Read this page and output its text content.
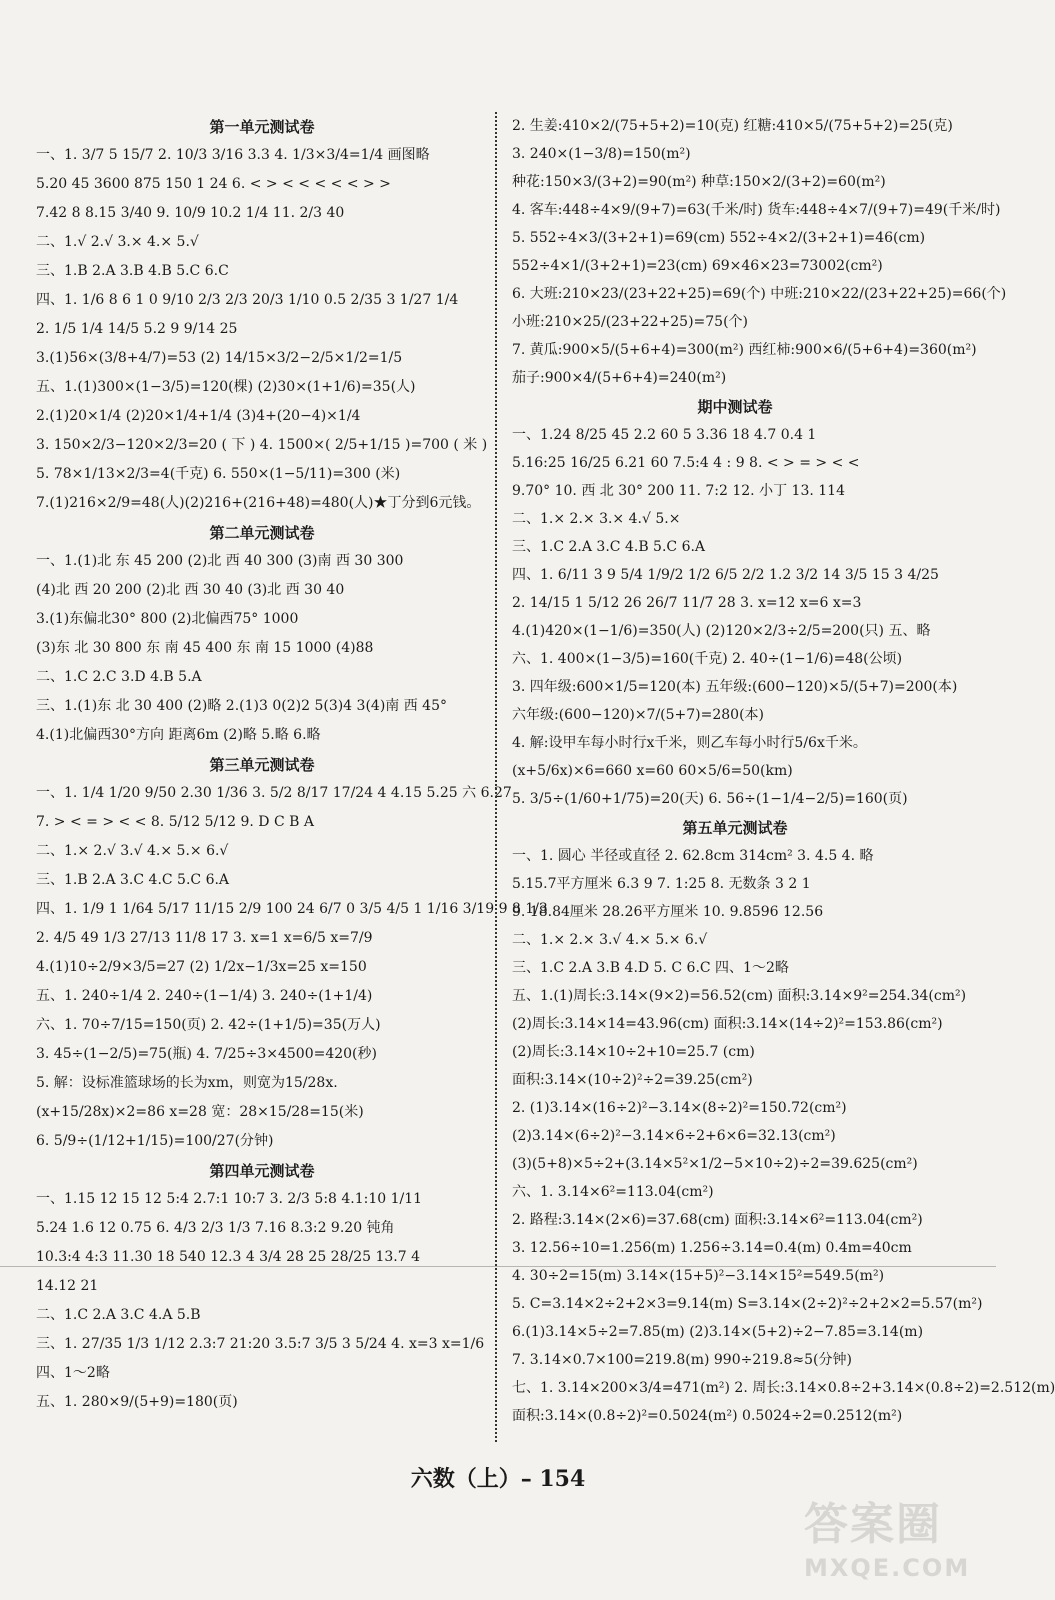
第一单元测试卷
一、1. 3/7 5 15/7 2. 10/3 3/16 3.3 4. 1/3×3/4=1/4 画图略
5.20 45 3600 875 150 1 24 6. < > < < < < < > >
7.42 8 8.15 3/40 9. 10/9 10.2 1/4 11. 2/3 40
二、1.√ 2.√ 3.× 4.× 5.√
三、1.B 2.A 3.B 4.B 5.C 6.C
四、1. 1/6 8 6 1 0 9/10 2/3 2/3 20/3 1/10 0.5 2/35 3 1/27 1/4
2. 1/5 1/4 14/5 5.2 9 9/14 25
3.(1)56×(3/8+4/7)=53 (2) 14/15×3/2−2/5×1/2=1/5
五、1.(1)300×(1−3/5)=120(棵) (2)30×(1+1/6)=35(人)
2.(1)20×1/4 (2)20×1/4+1/4 (3)4+(20−4)×1/4
3. 150×2/3−120×2/3=20 ( 下 ) 4. 1500×( 2/5+1/15 )=700 ( 米 )
5. 78×1/13×2/3=4(千克) 6. 550×(1−5/11)=300 (米)
7.(1)216×2/9=48(人)(2)216+(216+48)=480(人)★丁分到6元钱。
第二单元测试卷
一、1.(1)北 东 45 200 (2)北 西 40 300 (3)南 西 30 300
(4)北 西 20 200 (2)北 西 30 40 (3)北 西 30 40
3.(1)东偏北30° 800 (2)北偏西75° 1000
(3)东 北 30 800 东 南 45 400 东 南 15 1000 (4)88
二、1.C 2.C 3.D 4.B 5.A
三、1.(1)东 北 30 400 (2)略 2.(1)3 0(2)2 5(3)4 3(4)南 西 45°
4.(1)北偏西30°方向 距离6m (2)略 5.略 6.略
第三单元测试卷
一、1. 1/4 1/20 9/50 2.30 1/36 3. 5/2 8/17 17/24 4 4.15 5.25 六 6.27
7. > < = > < < 8. 5/12 5/12 9. D C B A
二、1.× 2.√ 3.√ 4.× 5.× 6.√
三、1.B 2.A 3.C 4.C 5.C 6.A
四、1. 1/9 1 1/64 5/17 11/15 2/9 100 24 6/7 0 3/5 4/5 1 1/16 3/19 9 8 1/3
2. 4/5 49 1/3 27/13 11/8 17 3. x=1 x=6/5 x=7/9
4.(1)10÷2/9×3/5=27 (2) 1/2x−1/3x=25 x=150
五、1. 240÷1/4 2. 240÷(1−1/4) 3. 240÷(1+1/4)
六、1. 70÷7/15=150(页) 2. 42÷(1+1/5)=35(万人)
3. 45÷(1−2/5)=75(瓶) 4. 7/25÷3×4500=420(秒)
5. 解：设标准篮球场的长为xm，则宽为15/28x.
(x+15/28x)×2=86 x=28 宽：28×15/28=15(米)
6. 5/9÷(1/12+1/15)=100/27(分钟)
第四单元测试卷
一、1.15 12 15 12 5:4 2.7:1 10:7 3. 2/3 5:8 4.1:10 1/11
5.24 1.6 12 0.75 6. 4/3 2/3 1/3 7.16 8.3:2 9.20 钝角
10.3:4 4:3 11.30 18 540 12.3 4 3/4 28 25 28/25 13.7 4
14.12 21
二、1.C 2.A 3.C 4.A 5.B
三、1. 27/35 1/3 1/12 2.3:7 21:20 3.5:7 3/5 3 5/24 4. x=3 x=1/6
四、1～2略
五、1. 280×9/(5+9)=180(页)
2. 生姜:410×2/(75+5+2)=10(克) 红糖:410×5/(75+5+2)=25(克)
3. 240×(1−3/8)=150(m²)
种花:150×3/(3+2)=90(m²) 种草:150×2/(3+2)=60(m²)
4. 客车:448÷4×9/(9+7)=63(千米/时) 货车:448÷4×7/(9+7)=49(千米/时)
5. 552÷4×3/(3+2+1)=69(cm) 552÷4×2/(3+2+1)=46(cm)
552÷4×1/(3+2+1)=23(cm) 69×46×23=73002(cm²)
6. 大班:210×23/(23+22+25)=69(个) 中班:210×22/(23+22+25)=66(个)
小班:210×25/(23+22+25)=75(个)
7. 黄瓜:900×5/(5+6+4)=300(m²) 西红柿:900×6/(5+6+4)=360(m²)
茄子:900×4/(5+6+4)=240(m²)
期中测试卷
一、1.24 8/25 45 2.2 60 5 3.36 18 4.7 0.4 1
5.16:25 16/25 6.21 60 7.5:4 4 : 9 8. < > = > < <
9.70° 10. 西 北 30° 200 11. 7:2 12. 小丁 13. 114
二、1.× 2.× 3.× 4.√ 5.×
三、1.C 2.A 3.C 4.B 5.C 6.A
四、1. 6/11 3 9 5/4 1/9/2 1/2 6/5 2/2 1.2 3/2 14 3/5 15 3 4/25
2. 14/15 1 5/12 26 26/7 11/7 28 3. x=12 x=6 x=3
4.(1)420×(1−1/6)=350(人) (2)120×2/3÷2/5=200(只) 五、略
六、1. 400×(1−3/5)=160(千克) 2. 40÷(1−1/6)=48(公顷)
3. 四年级:600×1/5=120(本) 五年级:(600−120)×5/(5+7)=200(本)
六年级:(600−120)×7/(5+7)=280(本)
4. 解:设甲车每小时行x千米，则乙车每小时行5/6x千米。
(x+5/6x)×6=660 x=60 60×5/6=50(km)
5. 3/5÷(1/60+1/75)=20(天) 6. 56÷(1−1/4−2/5)=160(页)
第五单元测试卷
一、1. 圆心 半径或直径 2. 62.8cm 314cm² 3. 4.5 4. 略
5.15.7平方厘米 6.3 9 7. 1:25 8. 无数条 3 2 1
9. 18.84厘米 28.26平方厘米 10. 9.8596 12.56
二、1.× 2.× 3.√ 4.× 5.× 6.√
三、1.C 2.A 3.B 4.D 5. C 6.C 四、1～2略
五、1.(1)周长:3.14×(9×2)=56.52(cm) 面积:3.14×9²=254.34(cm²)
(2)周长:3.14×14=43.96(cm) 面积:3.14×(14÷2)²=153.86(cm²)
(2)周长:3.14×10÷2+10=25.7 (cm)
面积:3.14×(10÷2)²÷2=39.25(cm²)
2. (1)3.14×(16÷2)²−3.14×(8÷2)²=150.72(cm²)
(2)3.14×(6÷2)²−3.14×6÷2+6×6=32.13(cm²)
(3)(5+8)×5÷2+(3.14×5²×1/2−5×10÷2)÷2=39.625(cm²)
六、1. 3.14×6²=113.04(cm²)
2. 路程:3.14×(2×6)=37.68(cm) 面积:3.14×6²=113.04(cm²)
3. 12.56÷10=1.256(m) 1.256÷3.14=0.4(m) 0.4m=40cm
4. 30÷2=15(m) 3.14×(15+5)²−3.14×15²=549.5(m²)
5. C=3.14×2÷2+2×3=9.14(m) S=3.14×(2÷2)²÷2+2×2=5.57(m²)
6.(1)3.14×5÷2=7.85(m) (2)3.14×(5+2)÷2−7.85=3.14(m)
7. 3.14×0.7×100=219.8(m) 990÷219.8≈5(分钟)
七、1. 3.14×200×3/4=471(m²) 2. 周长:3.14×0.8÷2+3.14×(0.8÷2)=2.512(m)
面积:3.14×(0.8÷2)²=0.5024(m²) 0.5024÷2=0.2512(m²)
六数（上）– 154
答案圈
MXQE.COM
